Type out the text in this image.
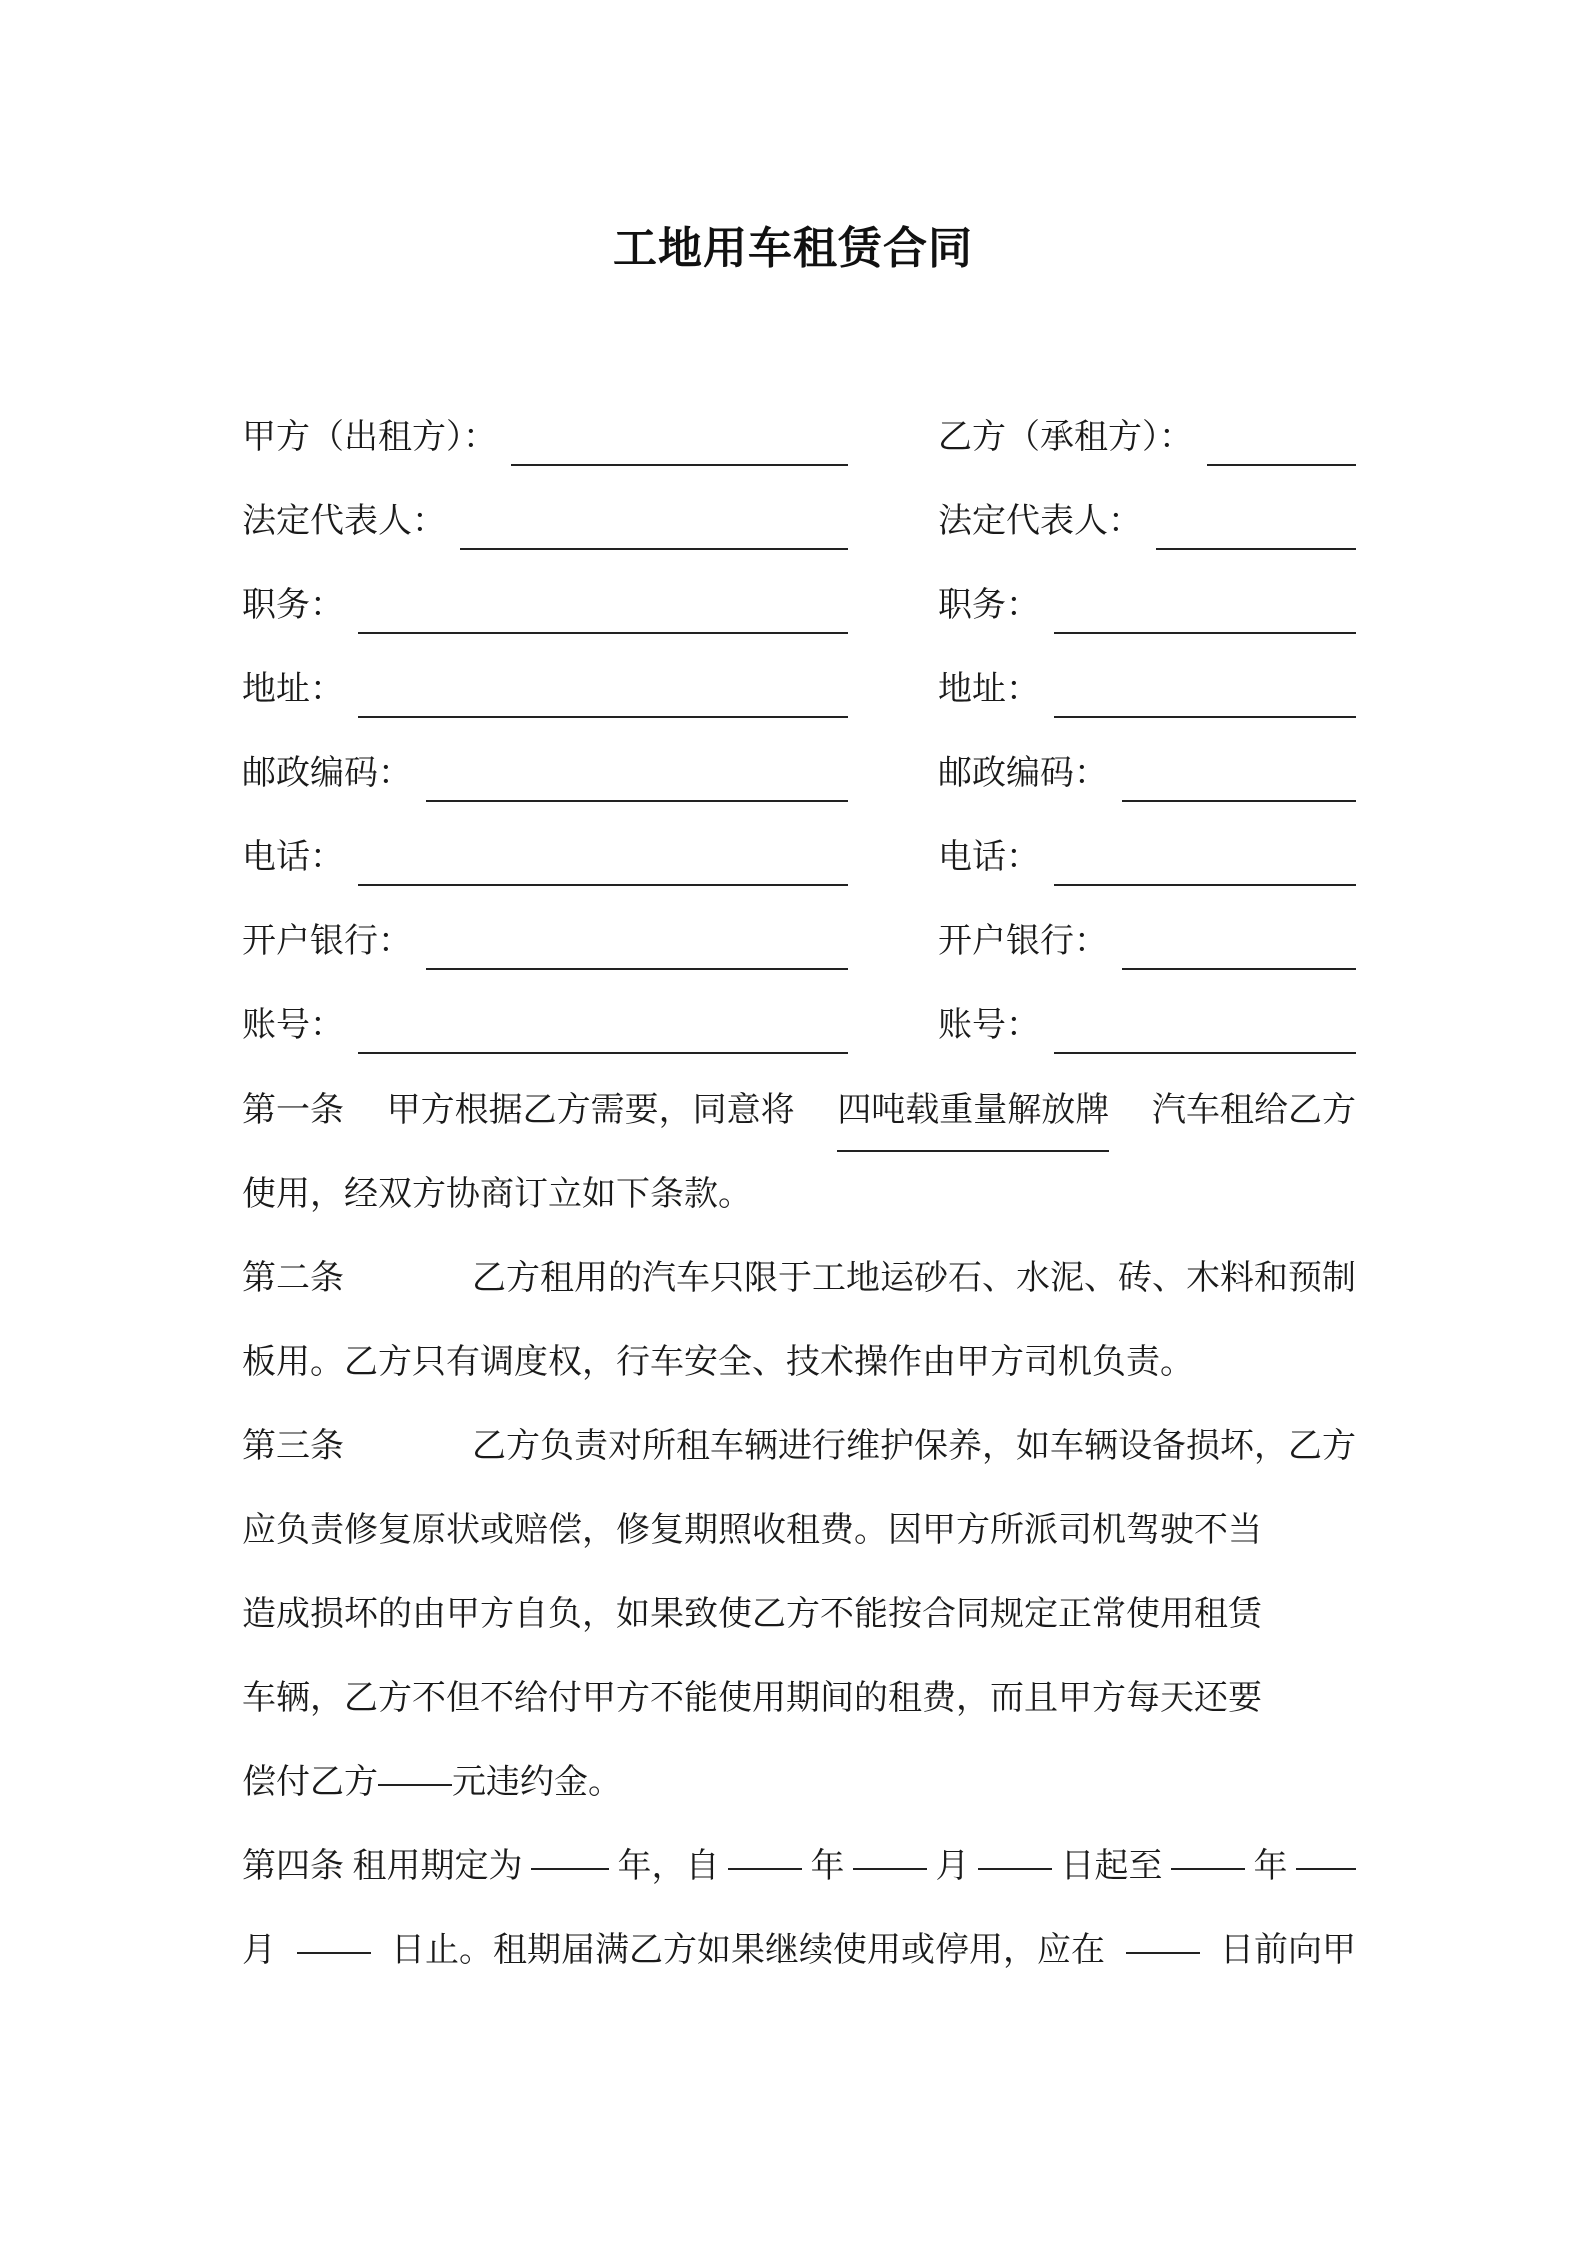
工地用车租赁合同
甲方（出租方）：	乙方（承租方）：
法定代表人：	法定代表人：
职务：	职务：
地址：	地址：
邮政编码：	邮政编码：
电话：	电话：
开户银行：	开户银行：
账号：	账号：
第一条 甲方根据乙方需要，同意将 四吨载重量解放牌 汽车租给乙方
使用，经双方协商订立如下条款。
第二条	乙方租用的汽车只限于工地运砂石、水泥、砖、木料和预制
板用。乙方只有调度权，行车安全、技术操作由甲方司机负责。
第三条	乙方负责对所租车辆进行维护保养，如车辆设备损坏，乙方
应负责修复原状或赔偿，修复期照收租费。因甲方所派司机驾驶不当
造成损坏的由甲方自负，如果致使乙方不能按合同规定正常使用租赁
车辆，乙方不但不给付甲方不能使用期间的租费，而且甲方每天还要
偿付乙方 元违约金。
第四条 租用期定为	年，自	年	月	日起至	年
月	日止。租期届满乙方如果继续使用或停用，应在	日前向甲
